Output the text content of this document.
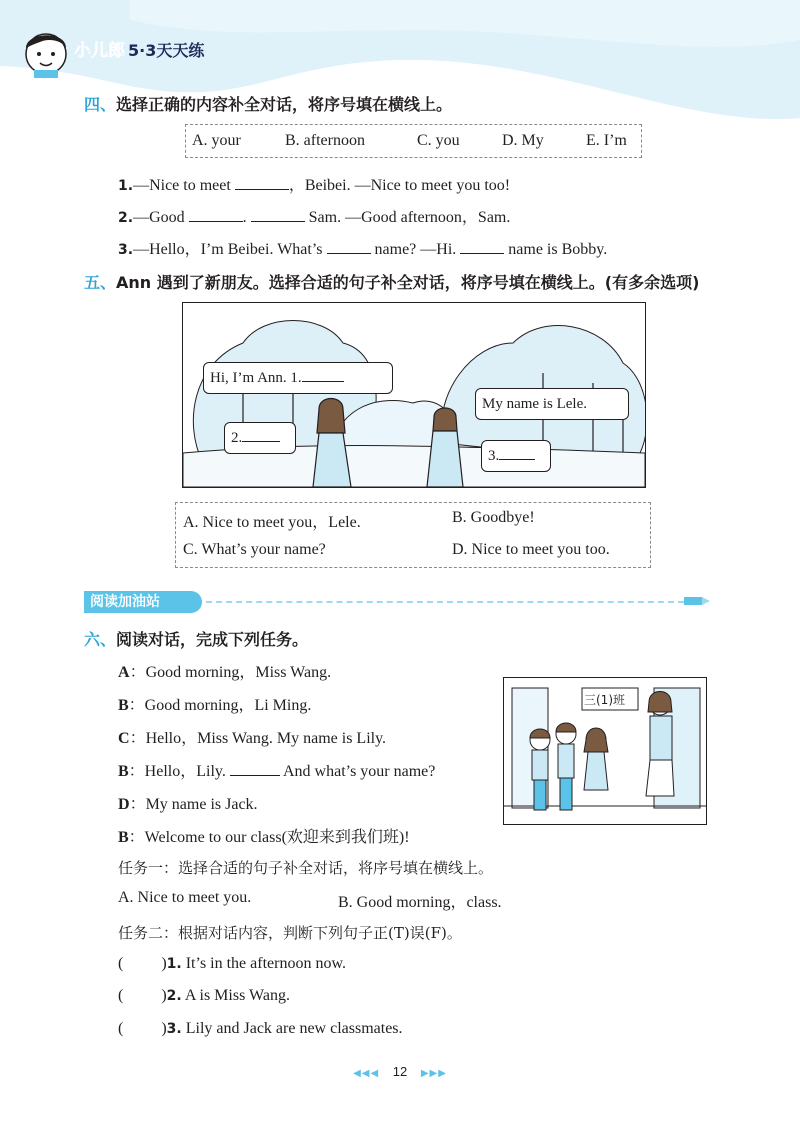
小儿郎 5·3天天练
四、选择正确的内容补全对话，将序号填在横线上。
A. your	B. afternoon	C. you	D. My	E. I’m
1.—Nice to meet	，Beibei. —Nice to meet you too!
2.—Good	.	Sam. —Good afternoon，Sam.
3.—Hello，I’m Beibei. What’s	name? —Hi.	name is Bobby.
五、Ann 遇到了新朋友。选择合适的句子补全对话，将序号填在横线上。(有多余选项)
Hi, I’m Ann. 1.
2.
My name is Lele.
3.
A. Nice to meet you，Lele.	B. Goodbye!
C. What’s your name?	D. Nice to meet you too.
阅读加油站
六、阅读对话，完成下列任务。
A：Good morning，Miss Wang.
B：Good morning，Li Ming.
C：Hello，Miss Wang. My name is Lily.
B：Hello，Lily.	And what’s your name?
D：My name is Jack.
B：Welcome to our class(欢迎来到我们班)!
三(1)班
任务一：选择合适的句子补全对话，将序号填在横线上。
A. Nice to meet you.	B. Good morning，class.
任务二：根据对话内容，判断下列句子正(T)误(F)。
( )1. It’s in the afternoon now.
( )2. A is Miss Wang.
( )3. Lily and Jack are new classmates.
◀◀◀ 12 ▶▶▶
